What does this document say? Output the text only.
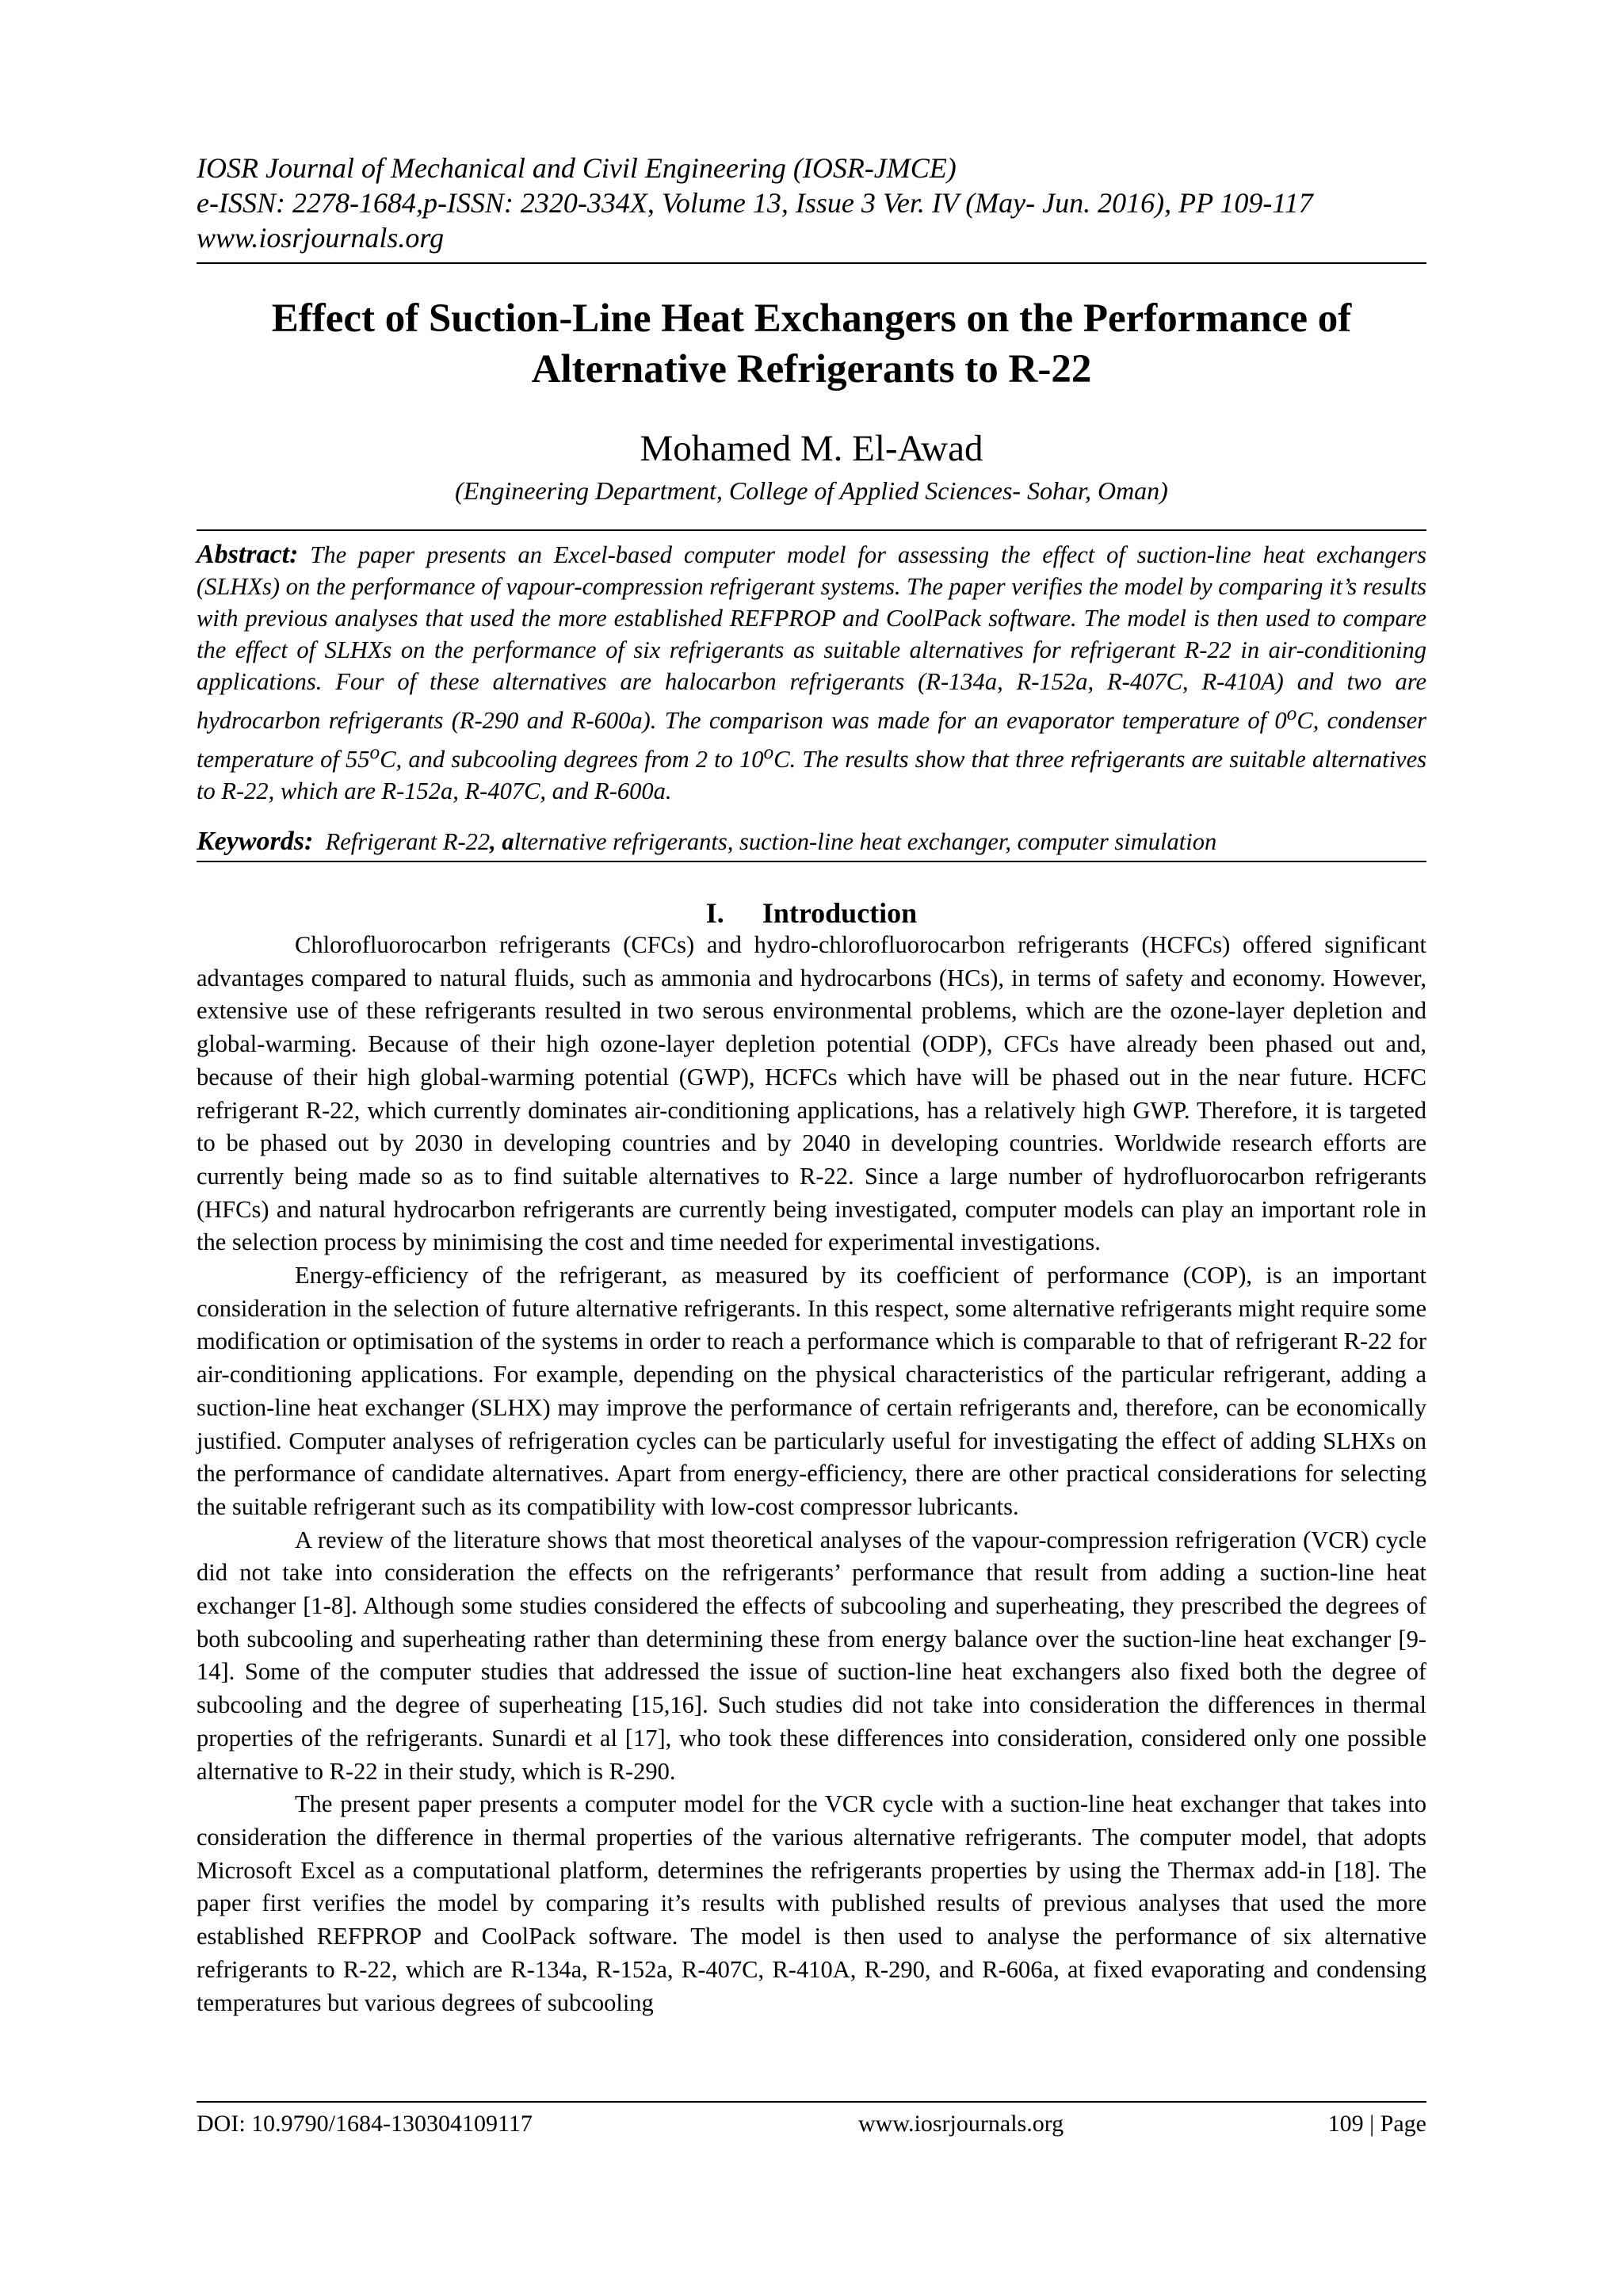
IOSR Journal of Mechanical and Civil Engineering (IOSR-JMCE)
e-ISSN: 2278-1684,p-ISSN: 2320-334X, Volume 13, Issue 3 Ver. IV (May- Jun. 2016), PP 109-117
www.iosrjournals.org
Effect of Suction-Line Heat Exchangers on the Performance of
Alternative Refrigerants to R-22
Mohamed M. El-Awad
(Engineering Department, College of Applied Sciences- Sohar, Oman)
Abstract: The paper presents an Excel-based computer model for assessing the effect of suction-line heat exchangers (SLHXs) on the performance of vapour-compression refrigerant systems. The paper verifies the model by comparing it’s results with previous analyses that used the more established REFPROP and CoolPack software. The model is then used to compare the effect of SLHXs on the performance of six refrigerants as suitable alternatives for refrigerant R-22 in air-conditioning applications. Four of these alternatives are halocarbon refrigerants (R-134a, R-152a, R-407C, R-410A) and two are hydrocarbon refrigerants (R-290 and R-600a). The comparison was made for an evaporator temperature of 0$^o$C, condenser temperature of 55$^o$C, and subcooling degrees from 2 to 10$^o$C. The results show that three refrigerants are suitable alternatives to R-22, which are R-152a, R-407C, and R-600a.
Keywords:  Refrigerant R-22, alternative refrigerants, suction-line heat exchanger, computer simulation
I. Introduction

Chlorofluorocarbon refrigerants (CFCs) and hydro-chlorofluorocarbon refrigerants (HCFCs) offered significant advantages compared to natural fluids, such as ammonia and hydrocarbons (HCs), in terms of safety and economy. However, extensive use of these refrigerants resulted in two serous environmental problems, which are the ozone-layer depletion and global-warming. Because of their high ozone-layer depletion potential (ODP), CFCs have already been phased out and, because of their high global-warming potential (GWP), HCFCs which have will be phased out in the near future. HCFC refrigerant R-22, which currently dominates air-conditioning applications, has a relatively high GWP. Therefore, it is targeted to be phased out by 2030 in developing countries and by 2040 in developing countries. Worldwide research efforts are currently being made so as to find suitable alternatives to R-22. Since a large number of hydrofluorocarbon refrigerants (HFCs) and natural hydrocarbon refrigerants are currently being investigated, computer models can play an important role in the selection process by minimising the cost and time needed for experimental investigations.

Energy-efficiency of the refrigerant, as measured by its coefficient of performance (COP), is an important consideration in the selection of future alternative refrigerants. In this respect, some alternative refrigerants might require some modification or optimisation of the systems in order to reach a performance which is comparable to that of refrigerant R-22 for air-conditioning applications. For example, depending on the physical characteristics of the particular refrigerant, adding a suction-line heat exchanger (SLHX) may improve the performance of certain refrigerants and, therefore, can be economically justified. Computer analyses of refrigeration cycles can be particularly useful for investigating the effect of adding SLHXs on the performance of candidate alternatives. Apart from energy-efficiency, there are other practical considerations for selecting the suitable refrigerant such as its compatibility with low-cost compressor lubricants.

A review of the literature shows that most theoretical analyses of the vapour-compression refrigeration (VCR) cycle did not take into consideration the effects on the refrigerants’ performance that result from adding a suction-line heat exchanger [1-8]. Although some studies considered the effects of subcooling and superheating, they prescribed the degrees of both subcooling and superheating rather than determining these from energy balance over the suction-line heat exchanger [9-14]. Some of the computer studies that addressed the issue of suction-line heat exchangers also fixed both the degree of subcooling and the degree of superheating [15,16]. Such studies did not take into consideration the differences in thermal properties of the refrigerants. Sunardi et al [17], who took these differences into consideration, considered only one possible alternative to R-22 in their study, which is R-290.

The present paper presents a computer model for the VCR cycle with a suction-line heat exchanger that takes into consideration the difference in thermal properties of the various alternative refrigerants. The computer model, that adopts Microsoft Excel as a computational platform, determines the refrigerants properties by using the Thermax add-in [18]. The paper first verifies the model by comparing it’s results with published results of previous analyses that used the more established REFPROP and CoolPack software. The model is then used to analyse the performance of six alternative refrigerants to R-22, which are R-134a, R-152a, R-407C, R-410A, R-290, and R-606a, at fixed evaporating and condensing temperatures but various degrees of subcooling

DOI: 10.9790/1684-130304109117	www.iosrjournals.org	109 | Page
